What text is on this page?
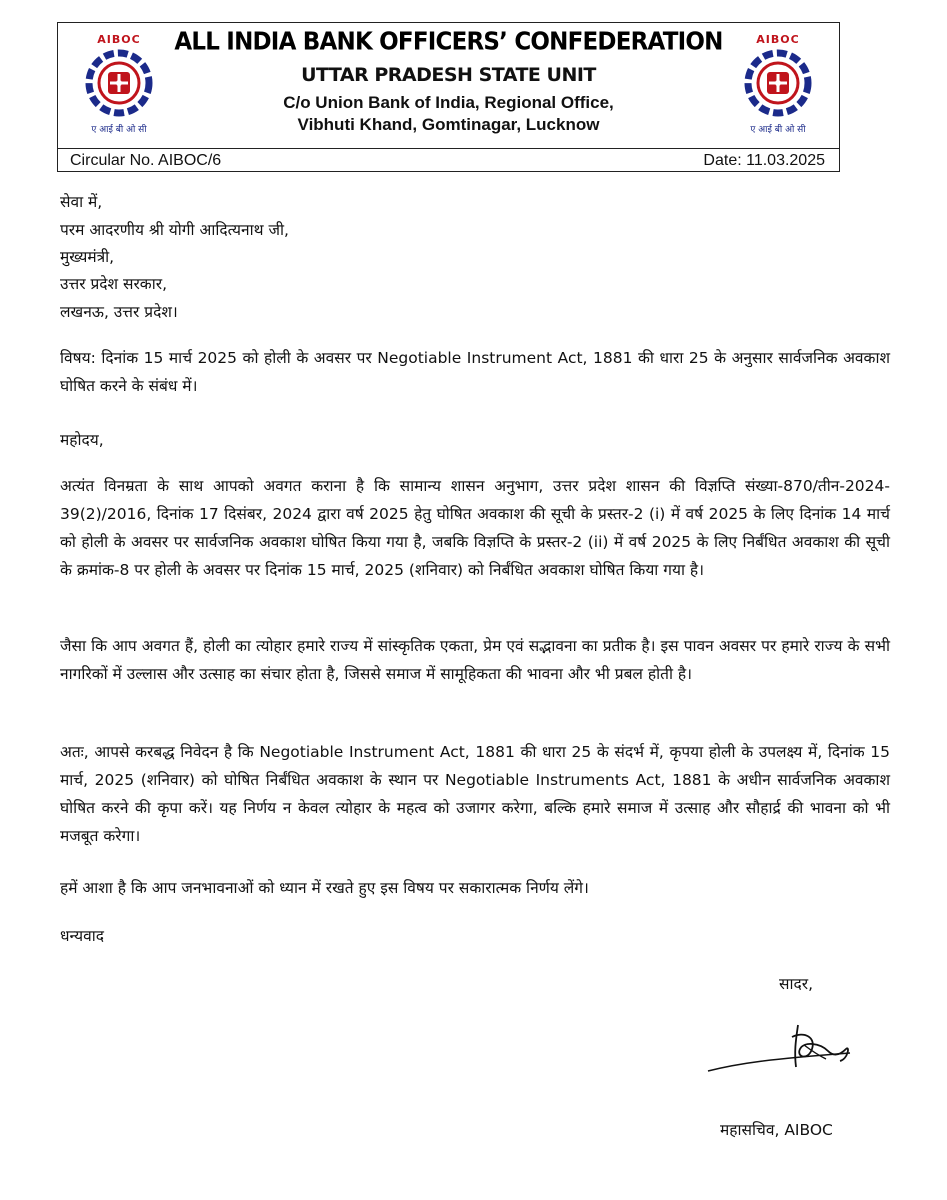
AIBOC
ए आई बी ओ सी
ALL INDIA BANK OFFICERS’ CONFEDERATION
UTTAR PRADESH STATE UNIT
C/o Union Bank of India, Regional Office,
Vibhuti Khand, Gomtinagar, Lucknow
AIBOC
ए आई बी ओ सी
Circular No. AIBOC/6	Date: 11.03.2025
सेवा में,
परम आदरणीय श्री योगी आदित्यनाथ जी,
मुख्यमंत्री,
उत्तर प्रदेश सरकार,
लखनऊ, उत्तर प्रदेश।
विषय: दिनांक 15 मार्च 2025 को होली के अवसर पर Negotiable Instrument Act, 1881 की धारा 25 के अनुसार सार्वजनिक अवकाश घोषित करने के संबंध में।
महोदय,
अत्यंत विनम्रता के साथ आपको अवगत कराना है कि सामान्य शासन अनुभाग, उत्तर प्रदेश शासन की विज्ञप्ति संख्या-870/तीन-2024-39(2)/2016, दिनांक 17 दिसंबर, 2024 द्वारा वर्ष 2025 हेतु घोषित अवकाश की सूची के प्रस्तर-2 (i) में वर्ष 2025 के लिए दिनांक 14 मार्च को होली के अवसर पर सार्वजनिक अवकाश घोषित किया गया है, जबकि विज्ञप्ति के प्रस्तर-2 (ii) में वर्ष 2025 के लिए निर्बंधित अवकाश की सूची के क्रमांक-8 पर होली के अवसर पर दिनांक 15 मार्च, 2025 (शनिवार) को निर्बंधित अवकाश घोषित किया गया है।
जैसा कि आप अवगत हैं, होली का त्योहार हमारे राज्य में सांस्कृतिक एकता, प्रेम एवं सद्भावना का प्रतीक है। इस पावन अवसर पर हमारे राज्य के सभी नागरिकों में उल्लास और उत्साह का संचार होता है, जिससे समाज में सामूहिकता की भावना और भी प्रबल होती है।
अतः, आपसे करबद्ध निवेदन है कि Negotiable Instrument Act, 1881 की धारा 25 के संदर्भ में, कृपया होली के उपलक्ष्य में, दिनांक 15 मार्च, 2025 (शनिवार) को घोषित निर्बंधित अवकाश के स्थान पर Negotiable Instruments Act, 1881 के अधीन सार्वजनिक अवकाश घोषित करने की कृपा करें। यह निर्णय न केवल त्योहार के महत्व को उजागर करेगा, बल्कि हमारे समाज में उत्साह और सौहार्द्र की भावना को भी मजबूत करेगा।
हमें आशा है कि आप जनभावनाओं को ध्यान में रखते हुए इस विषय पर सकारात्मक निर्णय लेंगे।
धन्यवाद
सादर,
महासचिव, AIBOC
